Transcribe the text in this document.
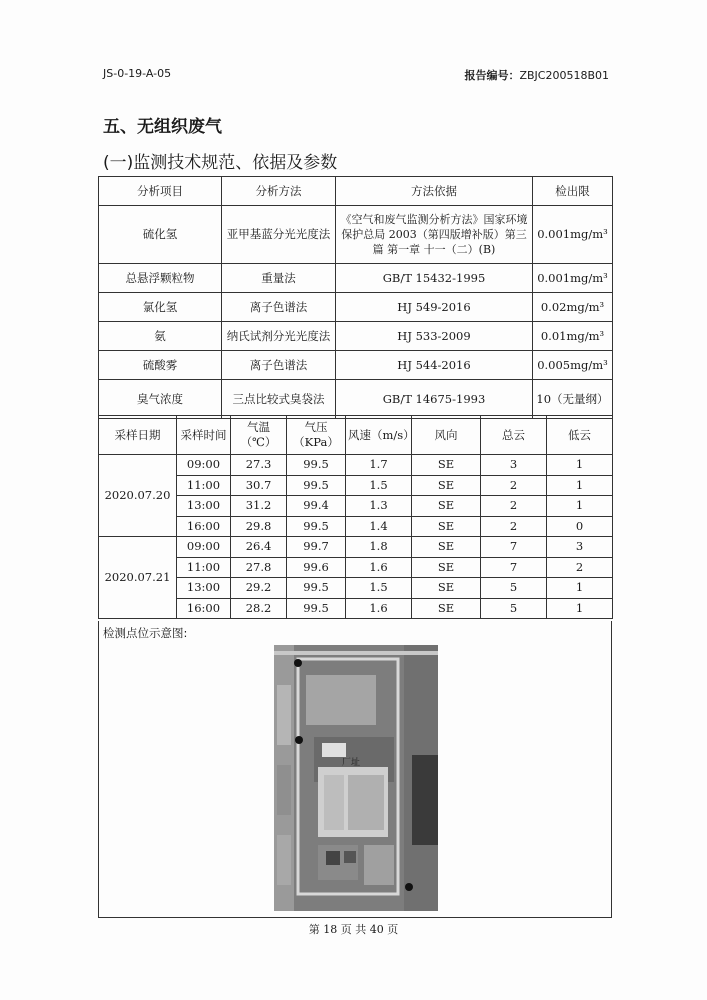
JS-0-19-A-05	报告编号：ZBJC200518B01
五、无组织废气
(一)监测技术规范、依据及参数
分析项目	分析方法	方法依据	检出限
硫化氢	亚甲基蓝分光光度法	《空气和废气监测分析方法》国家环境保护总局 2003（第四版增补版）第三篇 第一章 十一（二）(B)	0.001mg/m³
总悬浮颗粒物	重量法	GB/T 15432-1995	0.001mg/m³
氯化氢	离子色谱法	HJ 549-2016	0.02mg/m³
氨	纳氏试剂分光光度法	HJ 533-2009	0.01mg/m³
硫酸雾	离子色谱法	HJ 544-2016	0.005mg/m³
臭气浓度	三点比较式臭袋法	GB/T 14675-1993	10（无量纲）
采样日期	采样时间	气温（℃）	气压（KPa）	风速（m/s）	风向	总云	低云
2020.07.20	09:00	27.3	99.5	1.7	SE	3	1
	11:00	30.7	99.5	1.5	SE	2	1
	13:00	31.2	99.4	1.3	SE	2	1
	16:00	29.8	99.5	1.4	SE	2	0
2020.07.21	09:00	26.4	99.7	1.8	SE	7	3
	11:00	27.8	99.6	1.6	SE	7	2
	13:00	29.2	99.5	1.5	SE	5	1
	16:00	28.2	99.5	1.6	SE	5	1
检测点位示意图:
厂址
第 18 页 共 40 页
